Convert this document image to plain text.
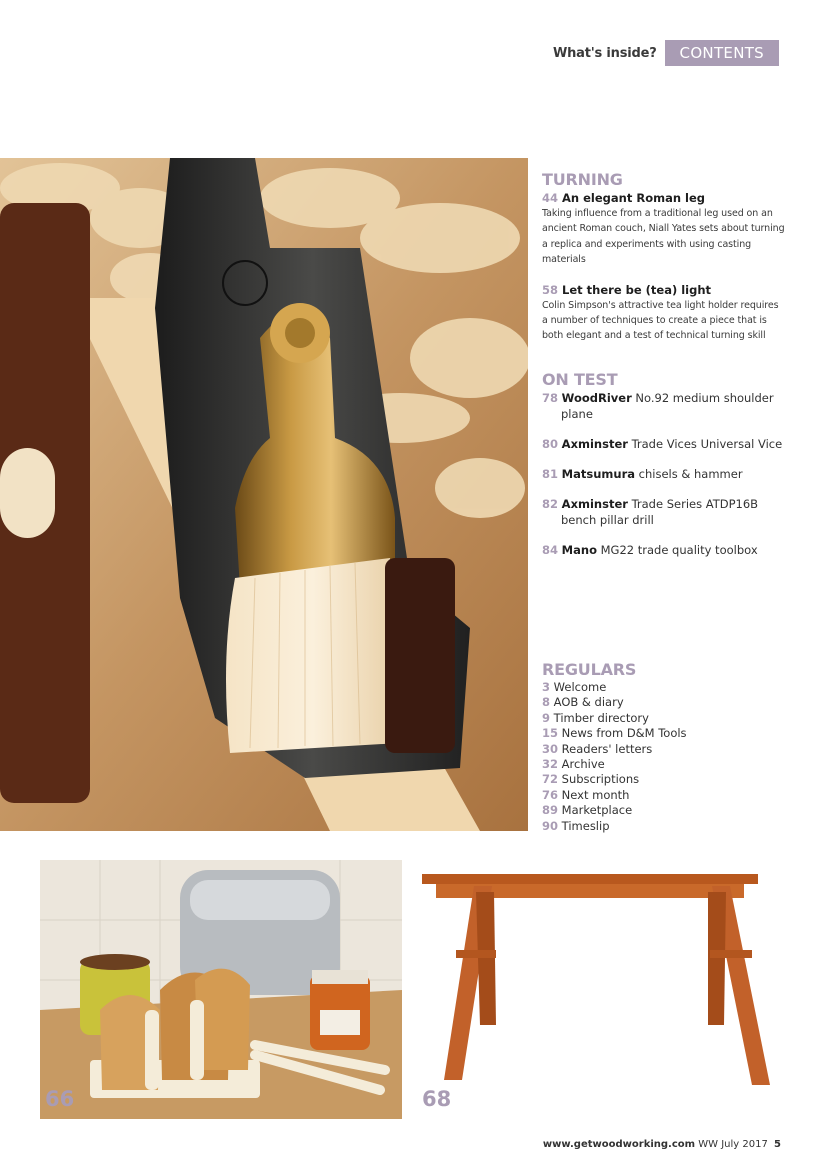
What's inside?	CONTENTS
TURNING
44 An elegant Roman leg
Taking influence from a traditional leg used on an ancient Roman couch, Niall Yates sets about turning a replica and experiments with using casting materials
58 Let there be (tea) light
Colin Simpson's attractive tea light holder requires a number of techniques to create a piece that is both elegant and a test of technical turning skill
ON TEST
78 WoodRiver No.92 medium shoulder plane
80 Axminster Trade Vices Universal Vice
81 Matsumura chisels & hammer
82 Axminster Trade Series ATDP16B bench pillar drill
84 Mano MG22 trade quality toolbox
REGULARS
3 Welcome
8 AOB & diary
9 Timber directory
15 News from D&M Tools
30 Readers' letters
32 Archive
72 Subscriptions
76 Next month
89 Marketplace
90 Timeslip
66	68
www.getwoodworking.com WW July 2017 5
